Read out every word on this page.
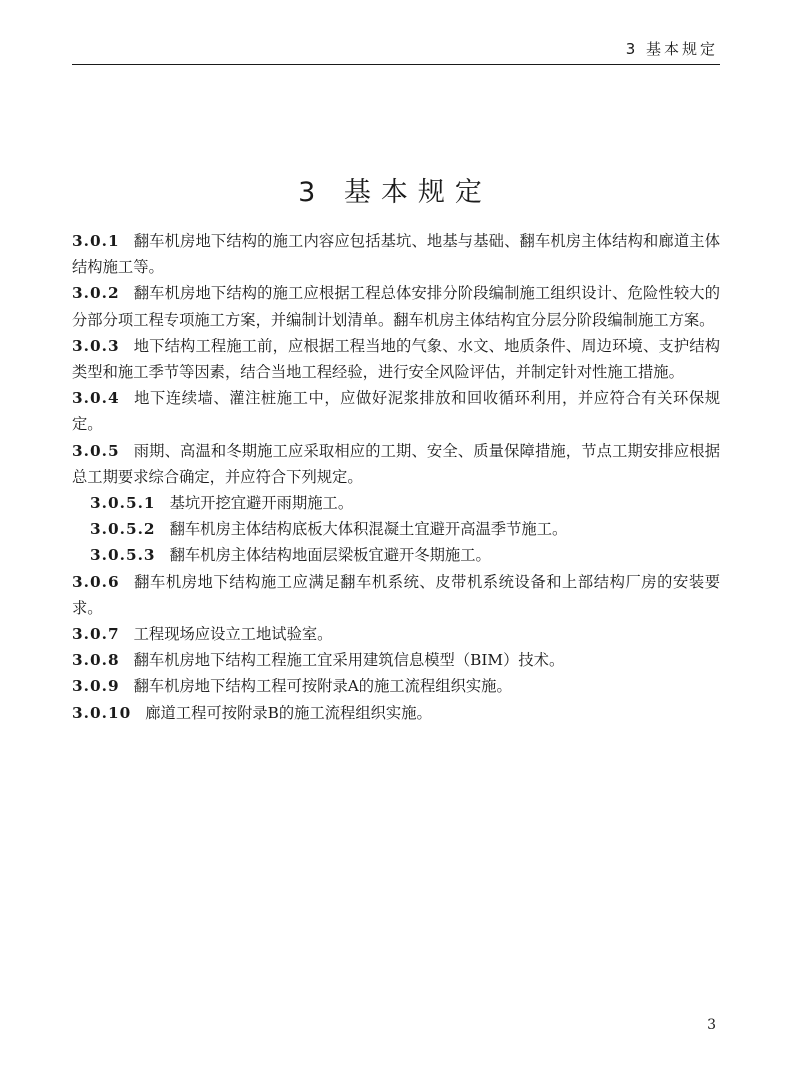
3 基本规定
3 基本规定
3.0.1 翻车机房地下结构的施工内容应包括基坑、地基与基础、翻车机房主体结构和廊道主体结构施工等。
3.0.2 翻车机房地下结构的施工应根据工程总体安排分阶段编制施工组织设计、危险性较大的分部分项工程专项施工方案，并编制计划清单。翻车机房主体结构宜分层分阶段编制施工方案。
3.0.3 地下结构工程施工前，应根据工程当地的气象、水文、地质条件、周边环境、支护结构类型和施工季节等因素，结合当地工程经验，进行安全风险评估，并制定针对性施工措施。
3.0.4 地下连续墙、灌注桩施工中，应做好泥浆排放和回收循环利用，并应符合有关环保规定。
3.0.5 雨期、高温和冬期施工应采取相应的工期、安全、质量保障措施，节点工期安排应根据总工期要求综合确定，并应符合下列规定。
3.0.5.1 基坑开挖宜避开雨期施工。
3.0.5.2 翻车机房主体结构底板大体积混凝土宜避开高温季节施工。
3.0.5.3 翻车机房主体结构地面层梁板宜避开冬期施工。
3.0.6 翻车机房地下结构施工应满足翻车机系统、皮带机系统设备和上部结构厂房的安装要求。
3.0.7 工程现场应设立工地试验室。
3.0.8 翻车机房地下结构工程施工宜采用建筑信息模型（BIM）技术。
3.0.9 翻车机房地下结构工程可按附录A的施工流程组织实施。
3.0.10 廊道工程可按附录B的施工流程组织实施。
3
